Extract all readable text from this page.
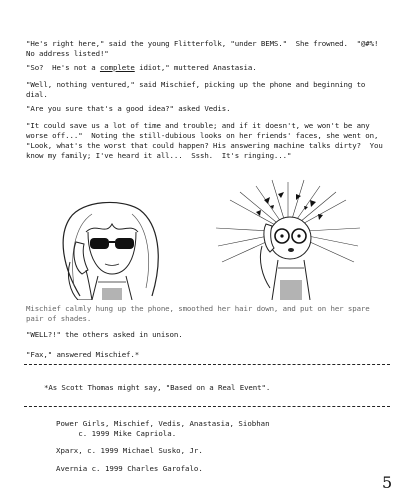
"He's right here," said the young Flitterfolk, "under BEMS."  She frowned.  "@#%!  No address listed!"

"So?  He's not a complete idiot," muttered Anastasia.

"Well, nothing ventured," said Mischief, picking up the phone and beginning to dial.

"Are you sure that's a good idea?" asked Vedis.

"It could save us a lot of time and trouble; and if it doesn't, we won't be any worse off..."  Noting the still-dubious looks on her friends' faces, she went on, "Look, what's the worst that could happen? His answering machine talks dirty?  You know my family; I've heard it all...  Sssh.  It's ringing..."

Mischief calmly hung up the phone, smoothed her hair down, and put on her spare pair of shades.

"WELL?!" the others asked in unison.

"Fax," answered Mischief.*

*As Scott Thomas might say, "Based on a Real Event".

Power Girls, Mischief, Vedis, Anastasia, Siobhan

c. 1999 Mike Capriola.

Xparx, c. 1999 Michael Susko, Jr.

Avernia c. 1999 Charles Garofalo.

5
